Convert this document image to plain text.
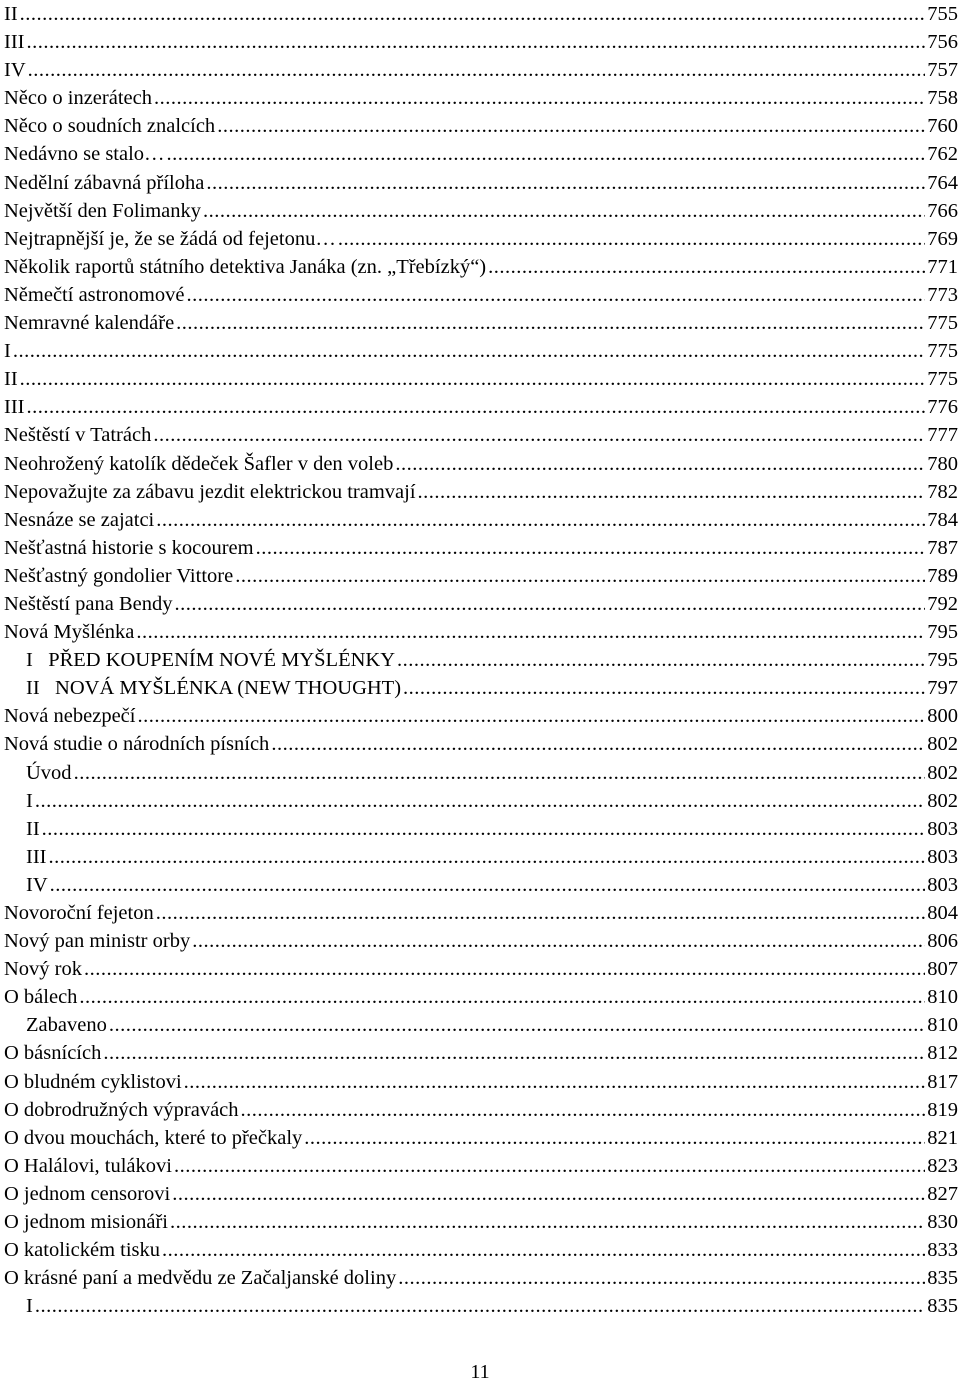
II .....	755
III .....	756
IV .....	757
Něco o inzerátech .....	758
Něco o soudních znalcích .....	760
Nedávno se stalo… .....	762
Nedělní zábavná příloha .....	764
Největší den Folimanky .....	766
Nejtrapnější je, že se žádá od fejetonu… .....	769
Několik raportů státního detektiva Janáka (zn. „Třebízký“) .....	771
Němečtí astronomové .....	773
Nemravné kalendáře .....	775
I .....	775
II .....	775
III .....	776
Neštěstí v Tatrách .....	777
Neohrožený katolík dědeček Šafler v den voleb .....	780
Nepovažujte za zábavu jezdit elektrickou tramvají .....	782
Nesnáze se zajatci .....	784
Nešťastná historie s kocourem .....	787
Nešťastný gondolier Vittore .....	789
Neštěstí pana Bendy .....	792
Nová Myšlénka .....	795
I   PŘED KOUPENÍM NOVÉ MYŠLÉNKY .....	795
II   NOVÁ MYŠLÉNKA (NEW THOUGHT) .....	797
Nová nebezpečí .....	800
Nová studie o národních písních .....	802
Úvod .....	802
I .....	802
II .....	803
III .....	803
IV .....	803
Novoroční fejeton .....	804
Nový pan ministr orby .....	806
Nový rok .....	807
O bálech .....	810
Zabaveno .....	810
O básnících .....	812
O bludném cyklistovi .....	817
O dobrodružných výpravách .....	819
O dvou mouchách, které to přečkaly .....	821
O Halálovi, tulákovi .....	823
O jednom censorovi .....	827
O jednom misionáři .....	830
O katolickém tisku .....	833
O krásné paní a medvědu ze Začaljanské doliny .....	835
I .....	835
11
